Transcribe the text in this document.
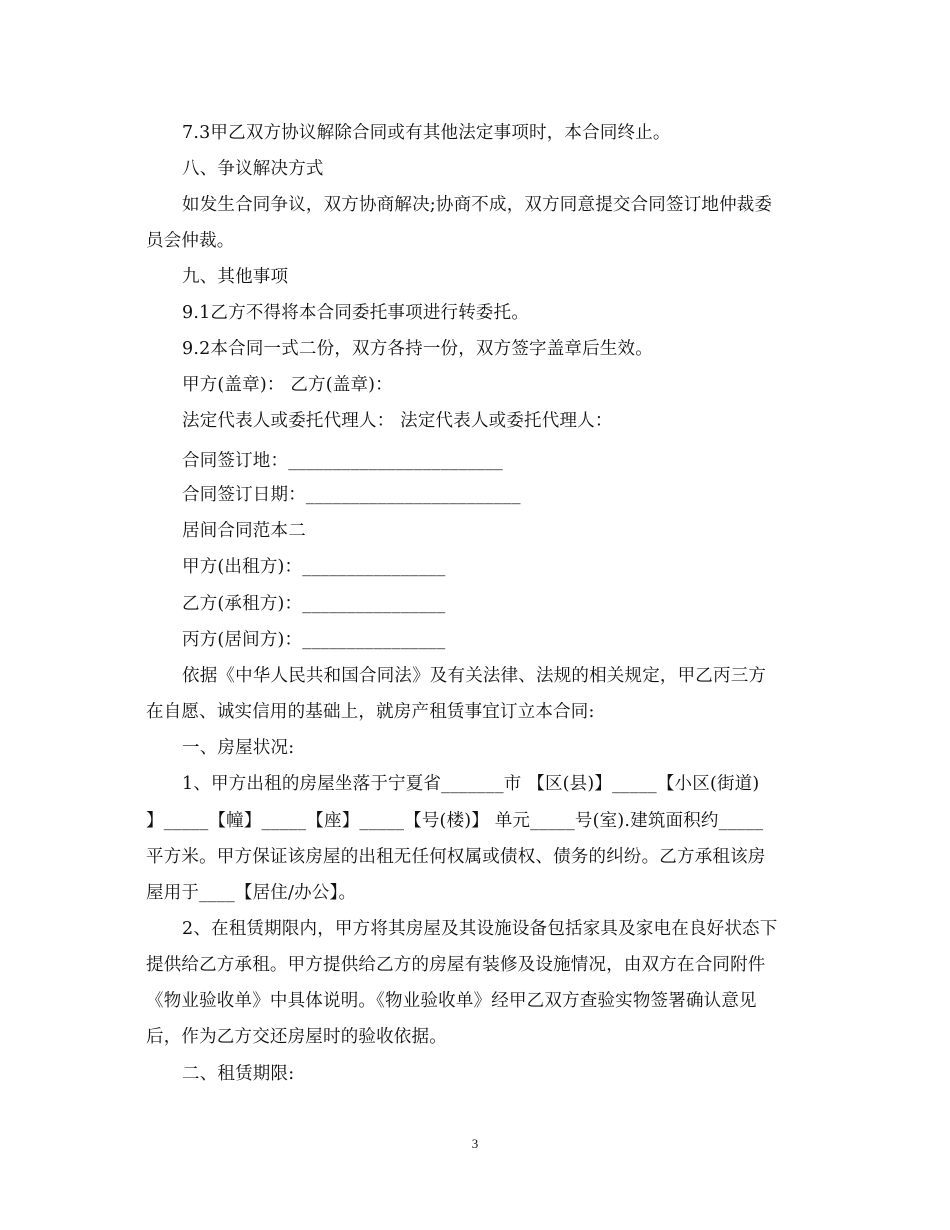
7.3甲乙双方协议解除合同或有其他法定事项时，本合同终止。
八、争议解决方式
如发生合同争议，双方协商解决;协商不成，双方同意提交合同签订地仲裁委
员会仲裁。
九、其他事项
9.1乙方不得将本合同委托事项进行转委托。
9.2本合同一式二份，双方各持一份，双方签字盖章后生效。
甲方(盖章)： 乙方(盖章)：
法定代表人或委托代理人： 法定代表人或委托代理人：
合同签订地：________________________
合同签订日期：________________________
居间合同范本二
甲方(出租方)：________________
乙方(承租方)：________________
丙方(居间方)：________________
依据《中华人民共和国合同法》及有关法律、法规的相关规定，甲乙丙三方
在自愿、诚实信用的基础上，就房产租赁事宜订立本合同:
一、房屋状况:
1、甲方出租的房屋坐落于宁夏省_______市 【区(县)】_____【小区(街道)
】_____【幢】_____【座】_____【号(楼)】 单元_____号(室).建筑面积约_____
平方米。甲方保证该房屋的出租无任何权属或债权、债务的纠纷。乙方承租该房
屋用于____【居住/办公】。
2、在租赁期限内，甲方将其房屋及其设施设备包括家具及家电在良好状态下
提供给乙方承租。甲方提供给乙方的房屋有装修及设施情况，由双方在合同附件
《物业验收单》中具体说明。《物业验收单》经甲乙双方查验实物签署确认意见
后，作为乙方交还房屋时的验收依据。
二、租赁期限:
3
